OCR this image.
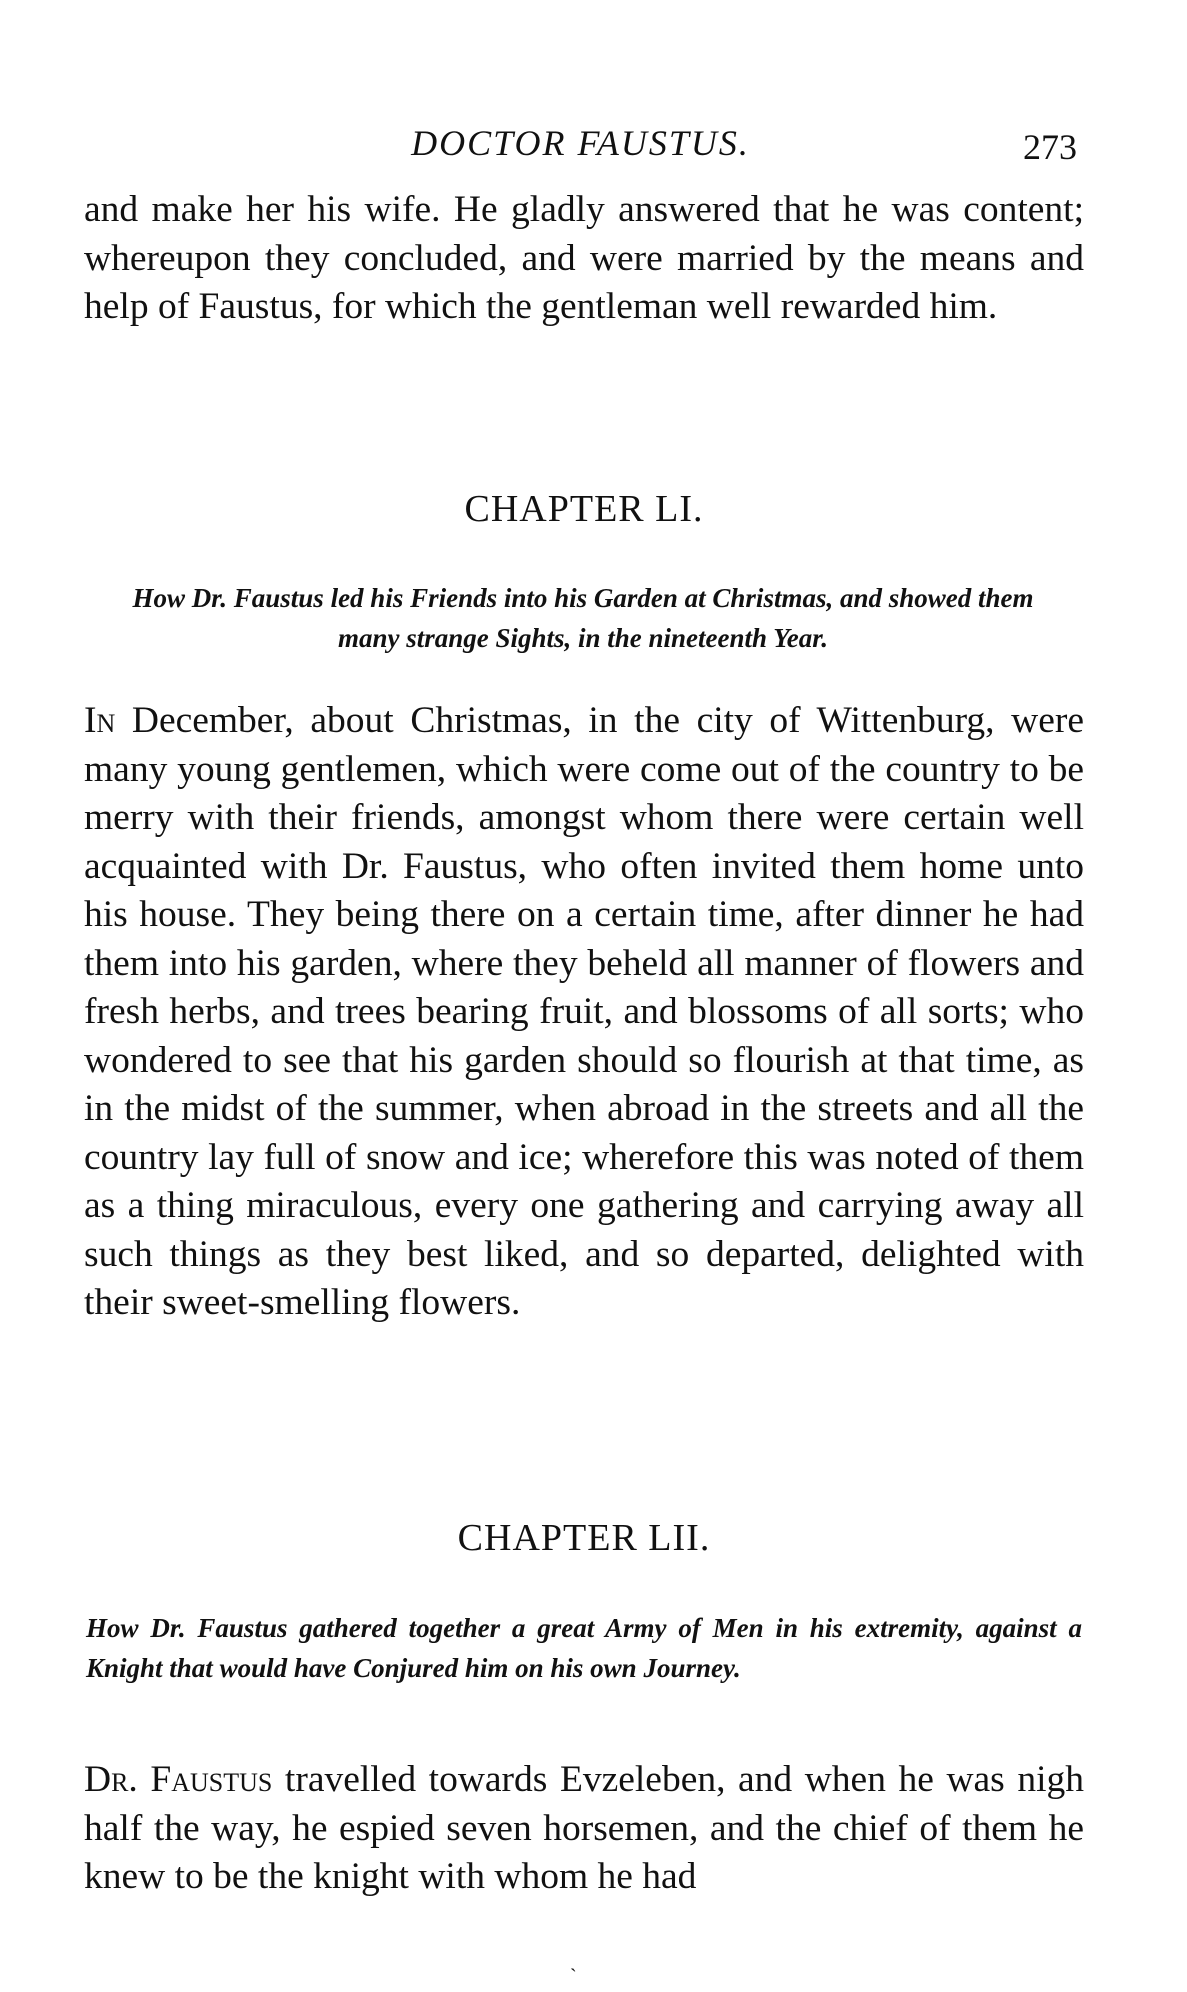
DOCTOR FAUSTUS.	273

and make her his wife. He gladly answered that he was content; whereupon they concluded, and were married by the means and help of Faustus, for which the gentleman well rewarded him.

CHAPTER LI.

How Dr. Faustus led his Friends into his Garden at Christmas, and showed them many strange Sights, in the nineteenth Year.

In December, about Christmas, in the city of Wittenburg, were many young gentlemen, which were come out of the country to be merry with their friends, amongst whom there were certain well acquainted with Dr. Faustus, who often invited them home unto his house. They being there on a certain time, after dinner he had them into his garden, where they beheld all manner of flowers and fresh herbs, and trees bearing fruit, and blossoms of all sorts; who wondered to see that his garden should so flourish at that time, as in the midst of the summer, when abroad in the streets and all the country lay full of snow and ice; wherefore this was noted of them as a thing miraculous, every one gathering and carrying away all such things as they best liked, and so departed, delighted with their sweet-smelling flowers.

CHAPTER LII.

How Dr. Faustus gathered together a great Army of Men in his extremity, against a Knight that would have Conjured him on his own Journey.

Dr. Faustus travelled towards Evzeleben, and when he was nigh half the way, he espied seven horsemen, and the chief of them he knew to be the knight with whom he had

ˎ
